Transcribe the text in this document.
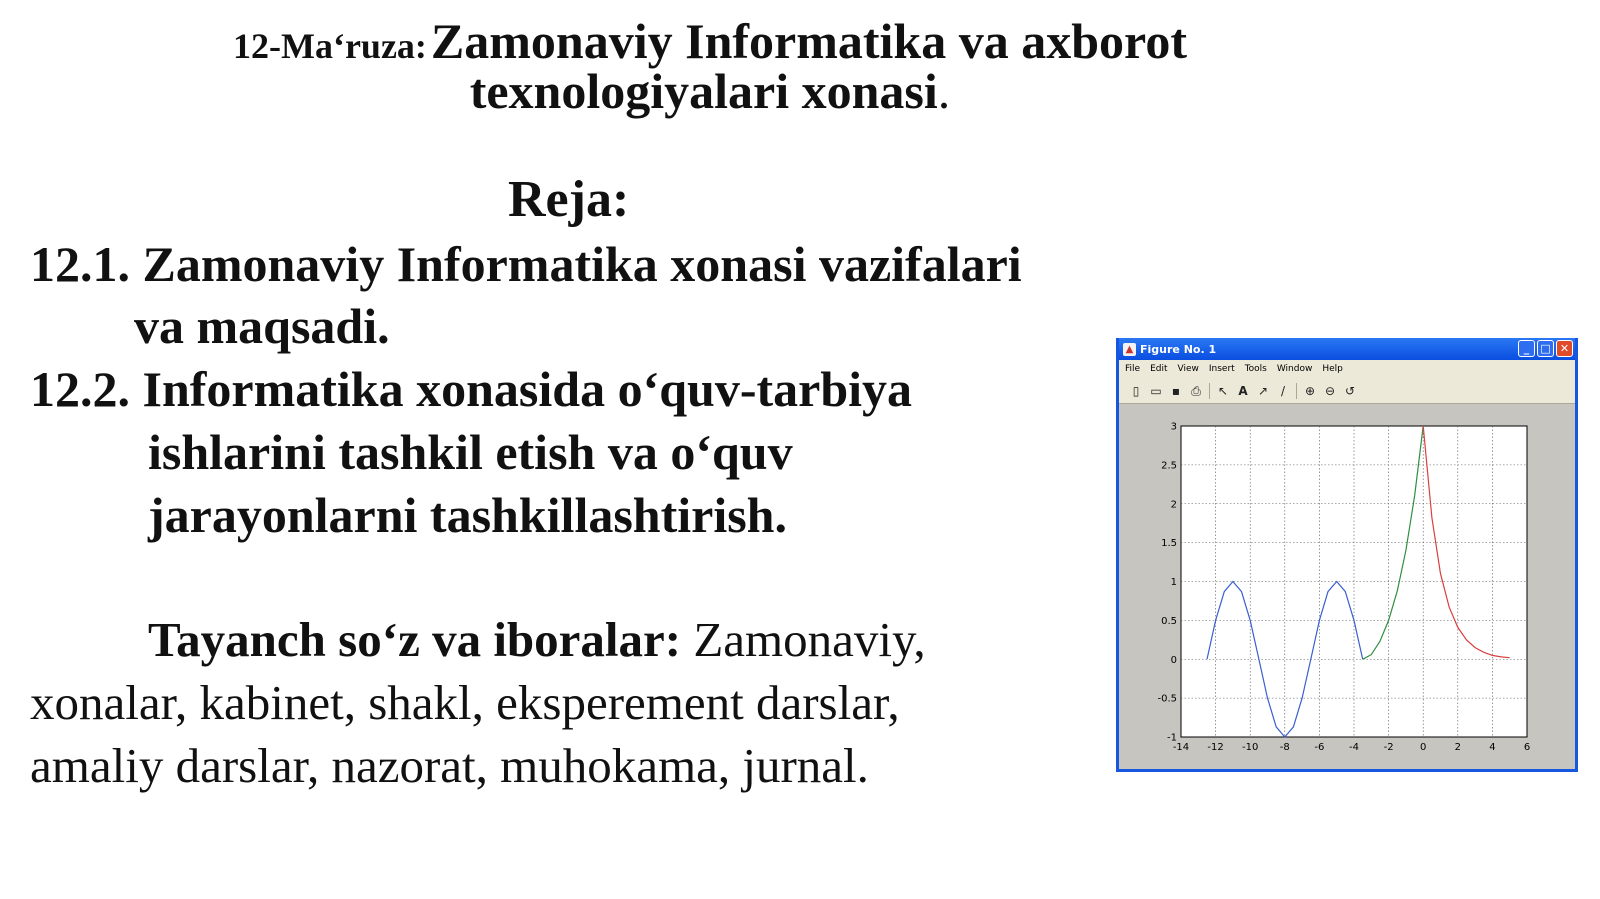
12-Ma‘ruza: Zamonaviy Informatika va axborot
texnologiyalari xonasi.
Reja:
12.1. Zamonaviy Informatika xonasi vazifalari
va maqsadi.
12.2. Informatika xonasida o‘quv-tarbiya
ishlarini tashkil etish va o‘quv
jarayonlarni tashkillashtirish.
Tayanch so‘z va iboralar: Zamonaviy,
xonalar, kabinet, shakl, eksperement darslar,
amaliy darslar, nazorat, muhokama, jurnal.
▲ Figure No. 1	_	□ ✕
File Edit View Insert Tools Window Help
▯ ▭ ▪ ⎙ ↖ A ↗	/	⊕ ⊖ ↺
-14 -12 -10 -8 -6 -4 -2	0	2	4	6
-1
-0.5
0
0.5
1
1.5
2
2.5
3
